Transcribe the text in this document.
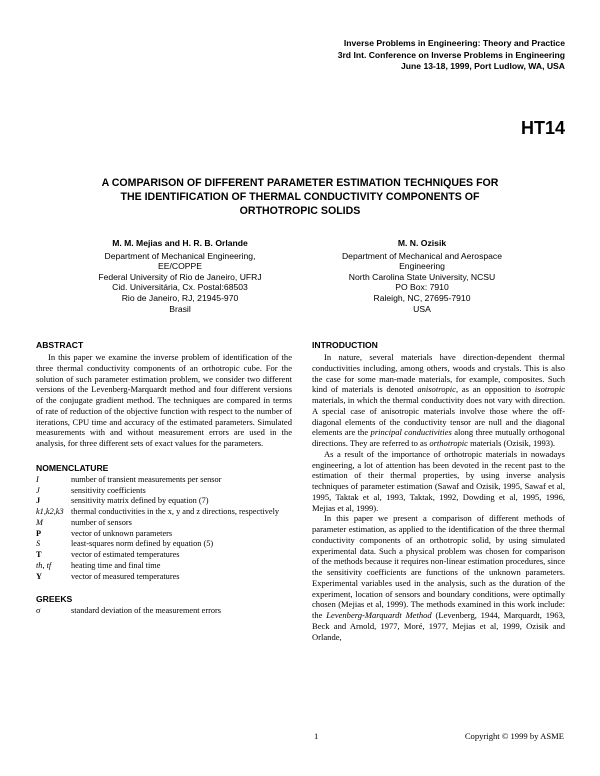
Inverse Problems in Engineering: Theory and Practice
3rd Int. Conference on Inverse Problems in Engineering
June 13-18, 1999, Port Ludlow, WA, USA
HT14
A COMPARISON OF DIFFERENT PARAMETER ESTIMATION TECHNIQUES FOR
THE IDENTIFICATION OF THERMAL CONDUCTIVITY COMPONENTS OF
ORTHOTROPIC SOLIDS
M. M. Mejias and H. R. B. Orlande
Department of Mechanical Engineering,
EE/COPPE
Federal University of Rio de Janeiro, UFRJ
Cid. Universitária, Cx. Postal:68503
Rio de Janeiro, RJ, 21945-970
Brasil
M. N. Ozisik
Department of Mechanical and Aerospace
Engineering
North Carolina State University, NCSU
PO Box: 7910
Raleigh, NC, 27695-7910
USA
ABSTRACT

In this paper we examine the inverse problem of identification of the three thermal conductivity components of an orthotropic cube. For the solution of such parameter estimation problem, we consider two different versions of the Levenberg-Marquardt method and four different versions of the conjugate gradient method. The techniques are compared in terms of rate of reduction of the objective function with respect to the number of iterations, CPU time and accuracy of the estimated parameters. Simulated measurements with and without measurement errors are used in the analysis, for three different sets of exact values for the parameters.

NOMENCLATURE
I	number of transient measurements per sensor
J	sensitivity coefficients
J	sensitivity matrix defined by equation (7)
k1,k2,k3 thermal conductivities in the x, y and z directions, respectively
M	number of sensors
P	vector of unknown parameters
S	least-squares norm defined by equation (5)
T	vector of estimated temperatures
th, tf	heating time and final time
Y	vector of measured temperatures
GREEKS
σ	standard deviation of the measurement errors
INTRODUCTION

In nature, several materials have direction-dependent thermal conductivities including, among others, woods and crystals. This is also the case for some man-made materials, for example, composites. Such kind of materials is denoted anisotropic, as an opposition to isotropic materials, in which the thermal conductivity does not vary with direction. A special case of anisotropic materials involve those where the off-diagonal elements of the conductivity tensor are null and the diagonal elements are the principal conductivities along three mutually orthogonal directions. They are referred to as orthotropic materials (Ozisik, 1993).

As a result of the importance of orthotropic materials in nowadays engineering, a lot of attention has been devoted in the recent past to the estimation of their thermal properties, by using inverse analysis techniques of parameter estimation (Sawaf and Ozisik, 1995, Sawaf et al, 1995, Taktak et al, 1993, Taktak, 1992, Dowding et al, 1995, 1996, Mejias et al, 1999).

In this paper we present a comparison of different methods of parameter estimation, as applied to the identification of the three thermal conductivity components of an orthotropic solid, by using simulated experimental data. Such a physical problem was chosen for comparison of the methods because it requires non-linear estimation procedures, since the sensitivity coefficients are functions of the unknown parameters. Experimental variables used in the analysis, such as the duration of the experiment, location of sensors and boundary conditions, were optimally chosen (Mejias et al, 1999). The methods examined in this work include: the Levenberg-Marquardt Method (Levenberg, 1944, Marquardt, 1963, Beck and Arnold, 1977, Moré, 1977, Mejias et al, 1999, Ozisik and Orlande,

1	Copyright © 1999 by ASME
